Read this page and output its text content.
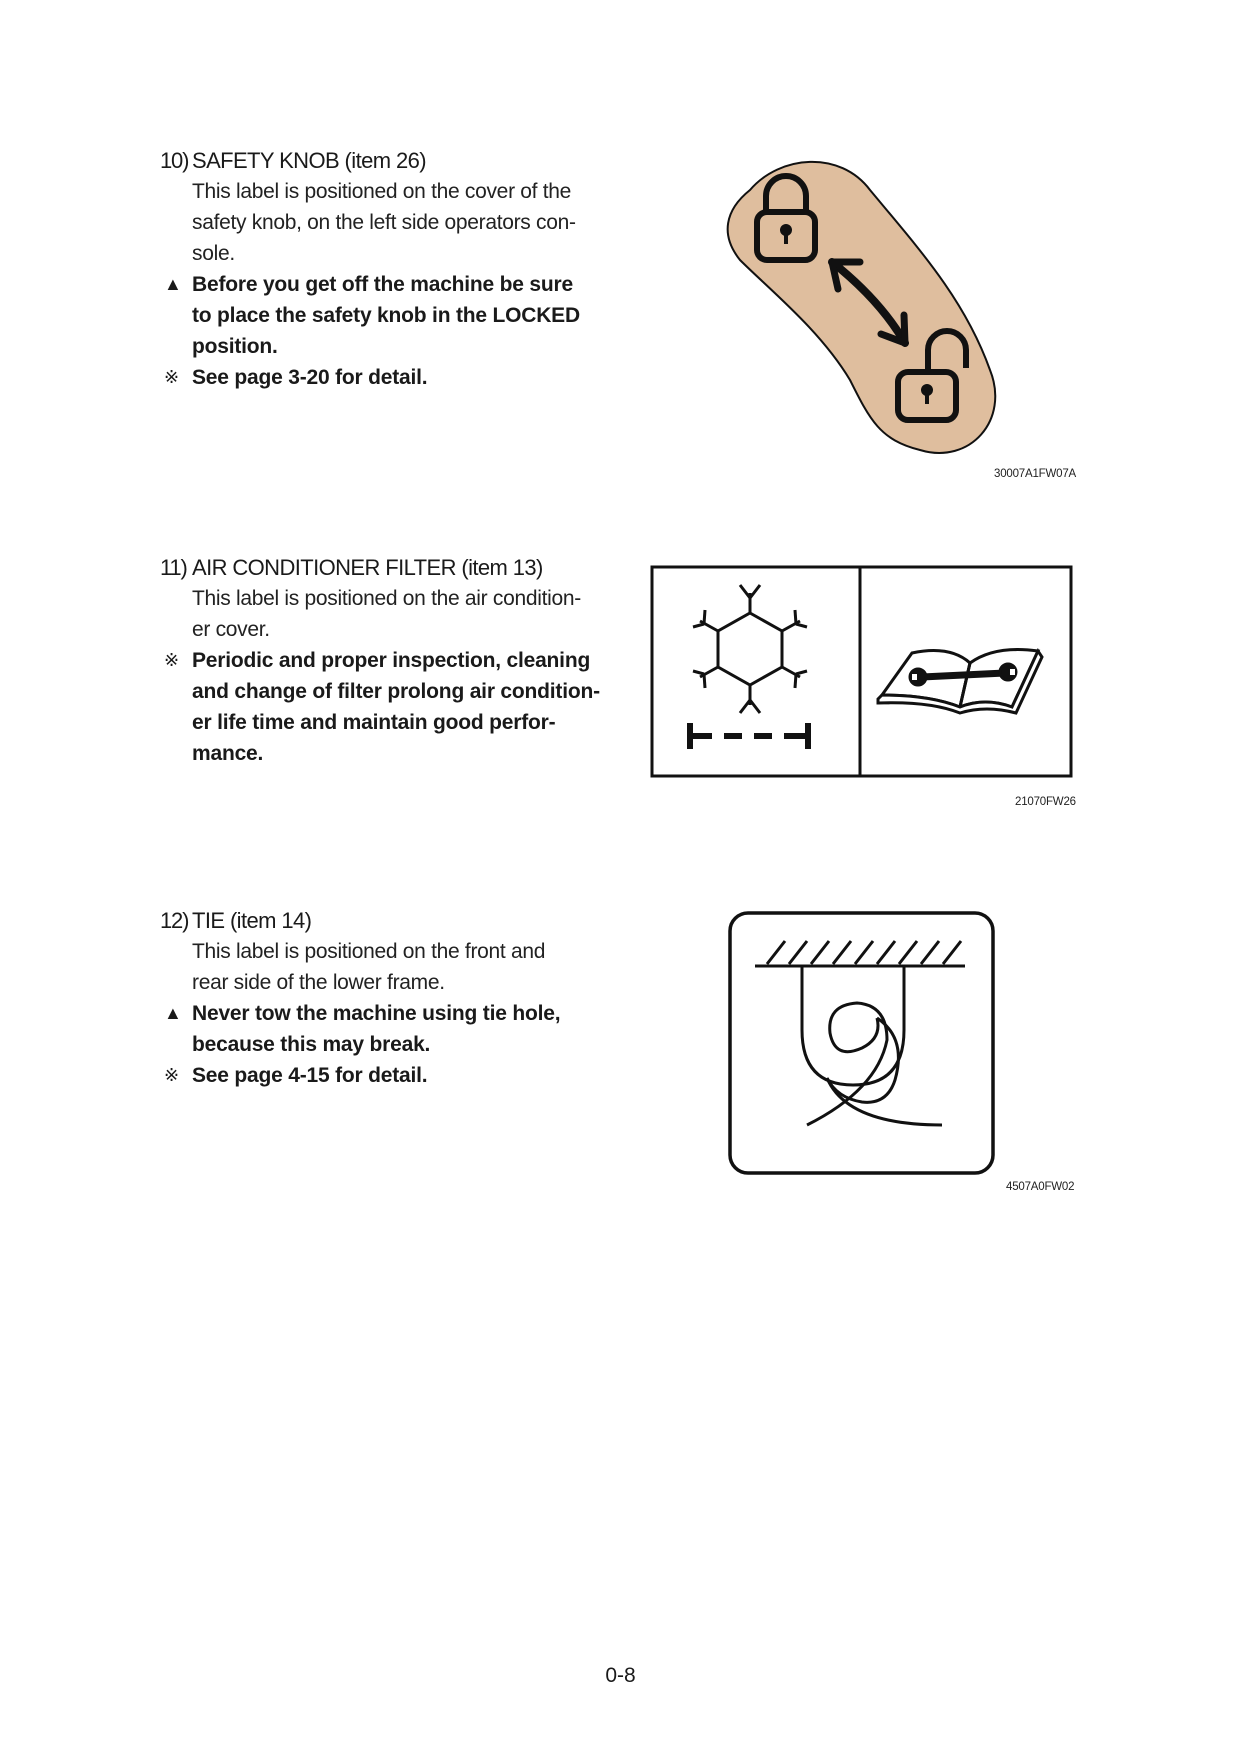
10) SAFETY KNOB (item 26)
This label is positioned on the cover of the
safety knob, on the left side operators con-
sole.
▲ Before you get off the machine be sure
to place the safety knob in the LOCKED
position.
※ See page 3-20 for detail.
11) AIR CONDITIONER FILTER (item 13)
This label is positioned on the air condition-
er cover.
※ Periodic and proper inspection, cleaning
and change of filter prolong air condition-
er life time and maintain good perfor-
mance.
12) TIE (item 14)
This label is positioned on the front and
rear side of the lower frame.
▲ Never tow the machine using tie hole,
because this may break.
※ See page 4-15 for detail.
30007A1FW07A
21070FW26
4507A0FW02
0-8
